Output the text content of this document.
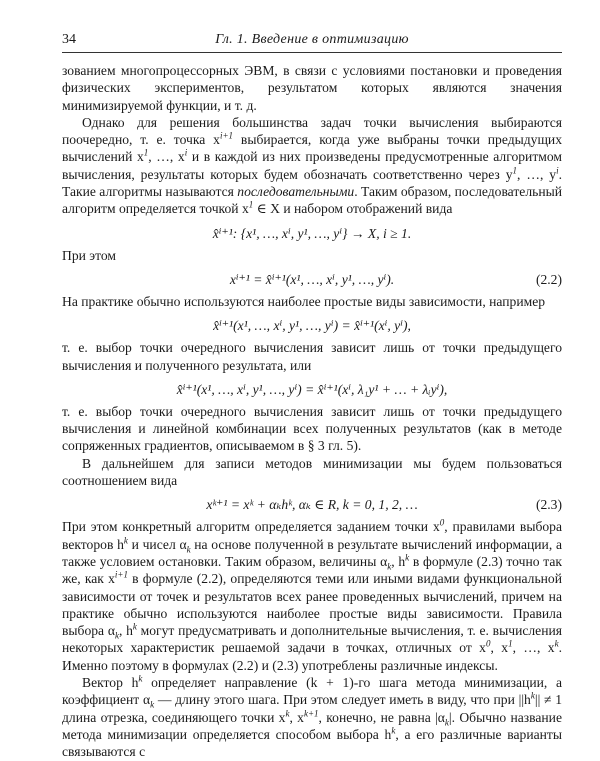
34	Гл. 1. Введение в оптимизацию

зованием многопроцессорных ЭВМ, в связи с условиями постановки и проведения физических экспериментов, результатом которых являются значения минимизируемой функции, и т. д.

Однако для решения большинства задач точки вычисления выбираются поочередно, т. е. точка $x^{i+1}$ выбирается, когда уже выбраны точки предыдущих вычислений $x^1$, …, $x^i$ и в каждой из них произведены предусмотренные алгоритмом вычисления, результаты которых будем обозначать соответственно через $y^1$, …, $y^i$. Такие алгоритмы называются последовательными. Таким образом, последовательный алгоритм определяется точкой $x^1$ ∈ X и набором отображений вида

x̂ⁱ⁺¹: {x¹, …, xⁱ, y¹, …, yⁱ} → X, i ≥ 1.

При этом

xⁱ⁺¹ = x̂ⁱ⁺¹(x¹, …, xⁱ, y¹, …, yⁱ).	(2.2)

На практике обычно используются наиболее простые виды зависимости, например

x̂ⁱ⁺¹(x¹, …, xⁱ, y¹, …, yⁱ) = x̂ⁱ⁺¹(xⁱ, yⁱ),

т. е. выбор точки очередного вычисления зависит лишь от точки предыдущего вычисления и полученного результата, или

x̂ⁱ⁺¹(x¹, …, xⁱ, y¹, …, yⁱ) = x̂ⁱ⁺¹(xⁱ, λ₁y¹ + … + λᵢyⁱ),

т. е. выбор точки очередного вычисления зависит лишь от точки предыдущего вычисления и линейной комбинации всех полученных результатов (как в методе сопряженных градиентов, описываемом в § 3 гл. 5).

В дальнейшем для записи методов минимизации мы будем пользоваться соотношением вида

xᵏ⁺¹ = xᵏ + αₖhᵏ, αₖ ∈ R, k = 0, 1, 2, …	(2.3)

При этом конкретный алгоритм определяется заданием точки $x^0$, правилами выбора векторов $h^k$ и чисел $\alpha_k$ на основе полученной в результате вычислений информации, а также условием остановки. Таким образом, величины $\alpha_k$, $h^k$ в формуле (2.3) точно так же, как $x^{i+1}$ в формуле (2.2), определяются теми или иными видами функциональной зависимости от точек и результатов всех ранее проведенных вычислений, причем на практике обычно используются наиболее простые виды зависимости. Правила выбора $\alpha_k$, $h^k$ могут предусматривать и дополнительные вычисления, т. е. вычисления некоторых характеристик решаемой задачи в точках, отличных от $x^0$, $x^1$, …, $x^k$. Именно поэтому в формулах (2.2) и (2.3) употреблены различные индексы.

Вектор $h^k$ определяет направление (k + 1)-го шага метода минимизации, а коэффициент $\alpha_k$ — длину этого шага. При этом следует иметь в виду, что при $||h^k|| \ne 1$ длина отрезка, соединяющего точки $x^k$, $x^{k+1}$, конечно, не равна $|\alpha_k|$. Обычно название метода минимизации определяется способом выбора $h^k$, а его различные варианты связываются с
